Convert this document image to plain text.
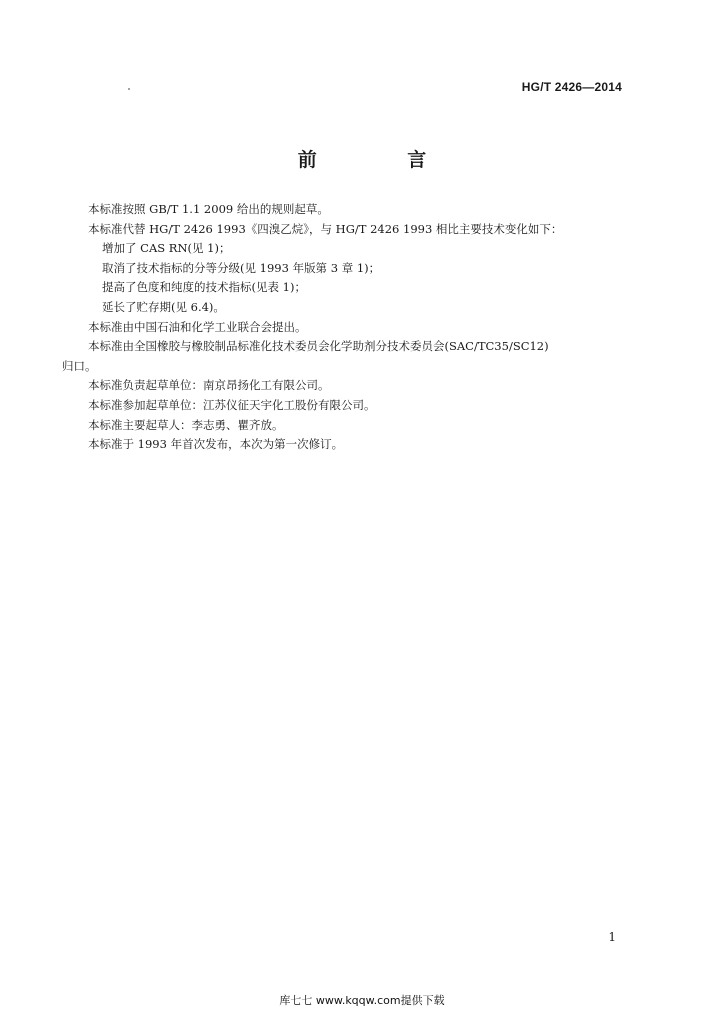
HG/T 2426—2014
前 言

本标准按照 GB/T 1.1 2009 给出的规则起草。

本标准代替 HG/T 2426 1993《四溴乙烷》，与 HG/T 2426 1993 相比主要技术变化如下：

增加了 CAS RN(见 1)；

取消了技术指标的分等分级(见 1993 年版第 3 章 1)；

提高了色度和纯度的技术指标(见表 1)；

延长了贮存期(见 6.4)。

本标准由中国石油和化学工业联合会提出。

本标准由全国橡胶与橡胶制品标准化技术委员会化学助剂分技术委员会(SAC/TC35/SC12)

归口。

本标准负责起草单位：南京昂扬化工有限公司。

本标准参加起草单位：江苏仪征天宇化工股份有限公司。

本标准主要起草人：李志勇、瞿齐放。

本标准于 1993 年首次发布，本次为第一次修订。

1
库七七 www.kqqw.com提供下载
